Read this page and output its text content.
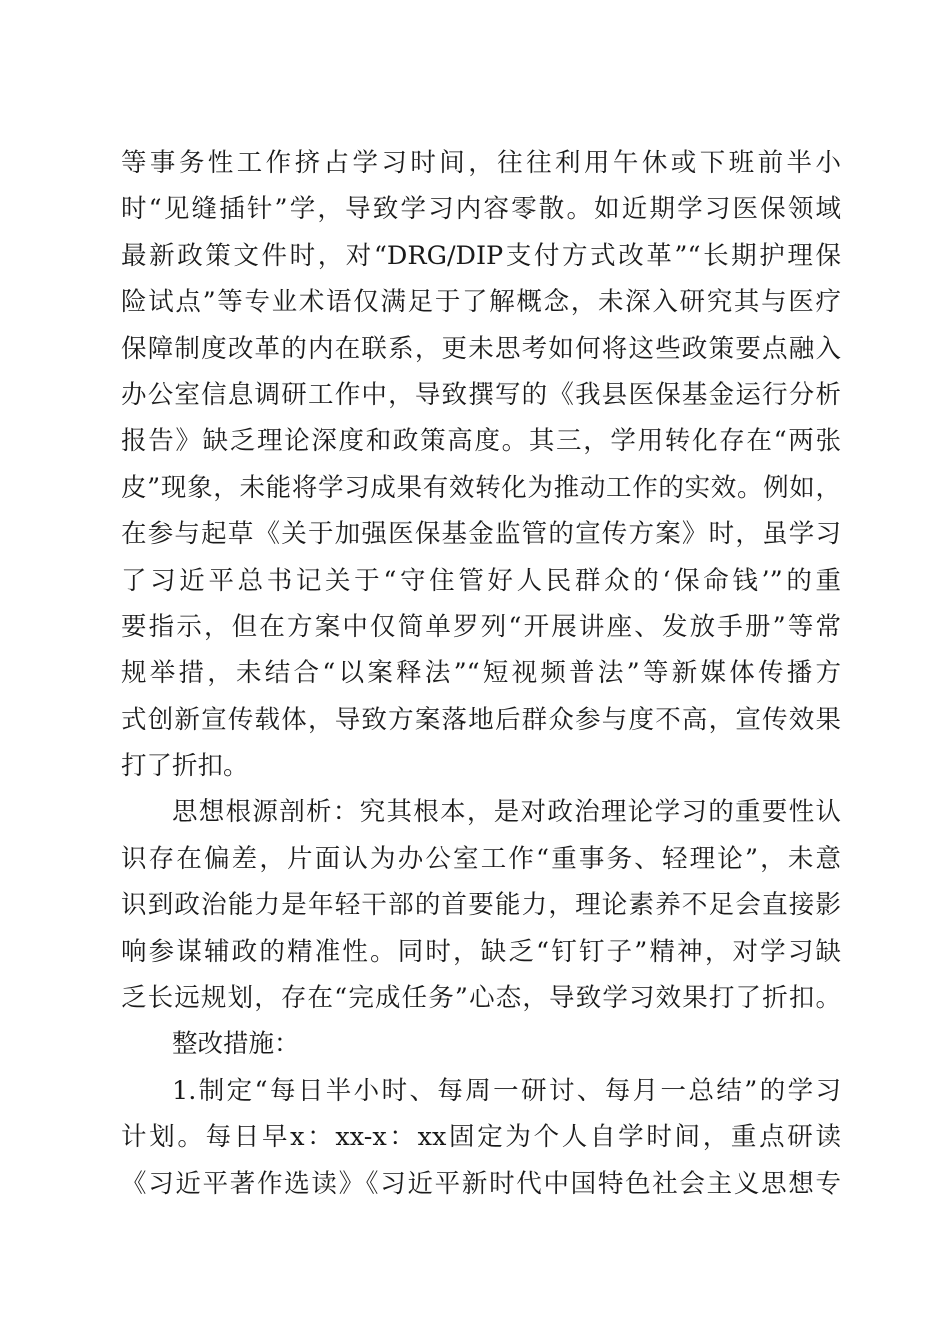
等事务性工作挤占学习时间，往往利用午休或下班前半小
时“见缝插针”学，导致学习内容零散。如近期学习医保领域
最新政策文件时，对“DRG/DIP支付方式改革”“长期护理保
险试点”等专业术语仅满足于了解概念，未深入研究其与医疗
保障制度改革的内在联系，更未思考如何将这些政策要点融入
办公室信息调研工作中，导致撰写的《我县医保基金运行分析
报告》缺乏理论深度和政策高度。其三，学用转化存在“两张
皮”现象，未能将学习成果有效转化为推动工作的实效。例如，
在参与起草《关于加强医保基金监管的宣传方案》时，虽学习
了习近平总书记关于“守住管好人民群众的‘保命钱’”的重
要指示，但在方案中仅简单罗列“开展讲座、发放手册”等常
规举措，未结合“以案释法”“短视频普法”等新媒体传播方
式创新宣传载体，导致方案落地后群众参与度不高，宣传效果
打了折扣。
思想根源剖析：究其根本，是对政治理论学习的重要性认
识存在偏差，片面认为办公室工作“重事务、轻理论”，未意
识到政治能力是年轻干部的首要能力，理论素养不足会直接影
响参谋辅政的精准性。同时，缺乏“钉钉子”精神，对学习缺
乏长远规划，存在“完成任务”心态，导致学习效果打了折扣。
整改措施：
1.制定“每日半小时、每周一研讨、每月一总结”的学习
计划。每日早x：xx-x：xx固定为个人自学时间，重点研读
《习近平著作选读》《习近平新时代中国特色社会主义思想专
